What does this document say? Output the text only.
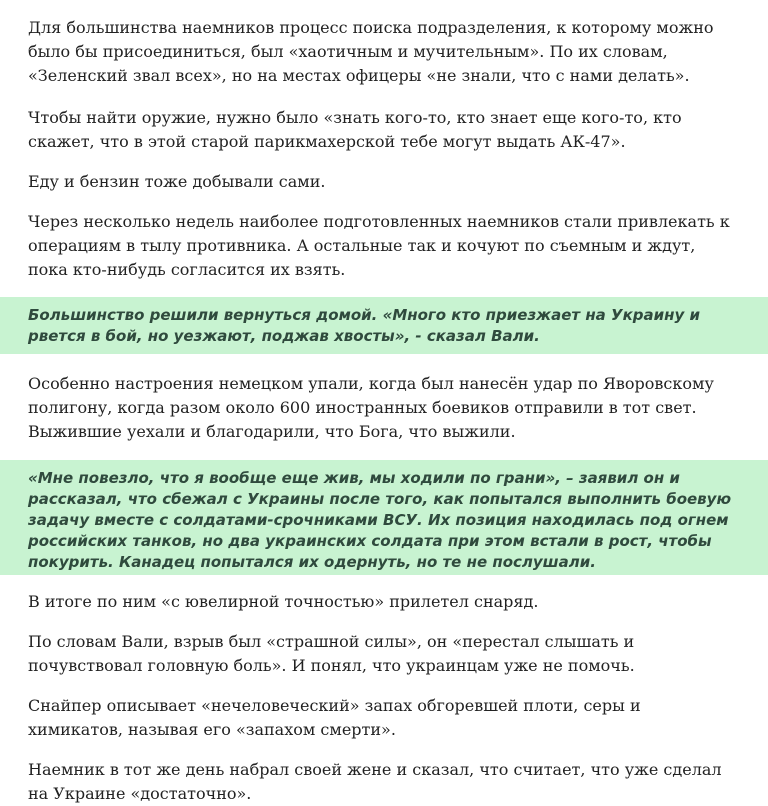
Для большинства наемников процесс поиска подразделения, к которому можно было бы присоединиться, был «хаотичным и мучительным». По их словам, «Зеленский звал всех», но на местах офицеры «не знали, что с нами делать».

Чтобы найти оружие, нужно было «знать кого-то, кто знает еще кого-то, кто скажет, что в этой старой парикмахерской тебе могут выдать АК-47».

Еду и бензин тоже добывали сами.

Через несколько недель наиболее подготовленных наемников стали привлекать к операциям в тылу противника. А остальные так и кочуют по съемным и ждут, пока кто-нибудь согласится их взять.

Большинство решили вернуться домой. «Много кто приезжает на Украину и рвется в бой, но уезжают, поджав хвосты», - сказал Вали.

Особенно настроения немецком упали, когда был нанесён удар по Яворовскому полигону, когда разом около 600 иностранных боевиков отправили в тот свет. Выжившие уехали и благодарили, что Бога, что выжили.

«Мне повезло, что я вообще еще жив, мы ходили по грани», – заявил он и рассказал, что сбежал с Украины после того, как попытался выполнить боевую задачу вместе с солдатами-срочниками ВСУ. Их позиция находилась под огнем российских танков, но два украинских солдата при этом встали в рост, чтобы покурить. Канадец попытался их одернуть, но те не послушали.

В итоге по ним «с ювелирной точностью» прилетел снаряд.

По словам Вали, взрыв был «страшной силы», он «перестал слышать и почувствовал головную боль». И понял, что украинцам уже не помочь.

Снайпер описывает «нечеловеческий» запах обгоревшей плоти, серы и химикатов, называя его «запахом смерти».

Наемник в тот же день набрал своей жене и сказал, что считает, что уже сделал на Украине «достаточно».
